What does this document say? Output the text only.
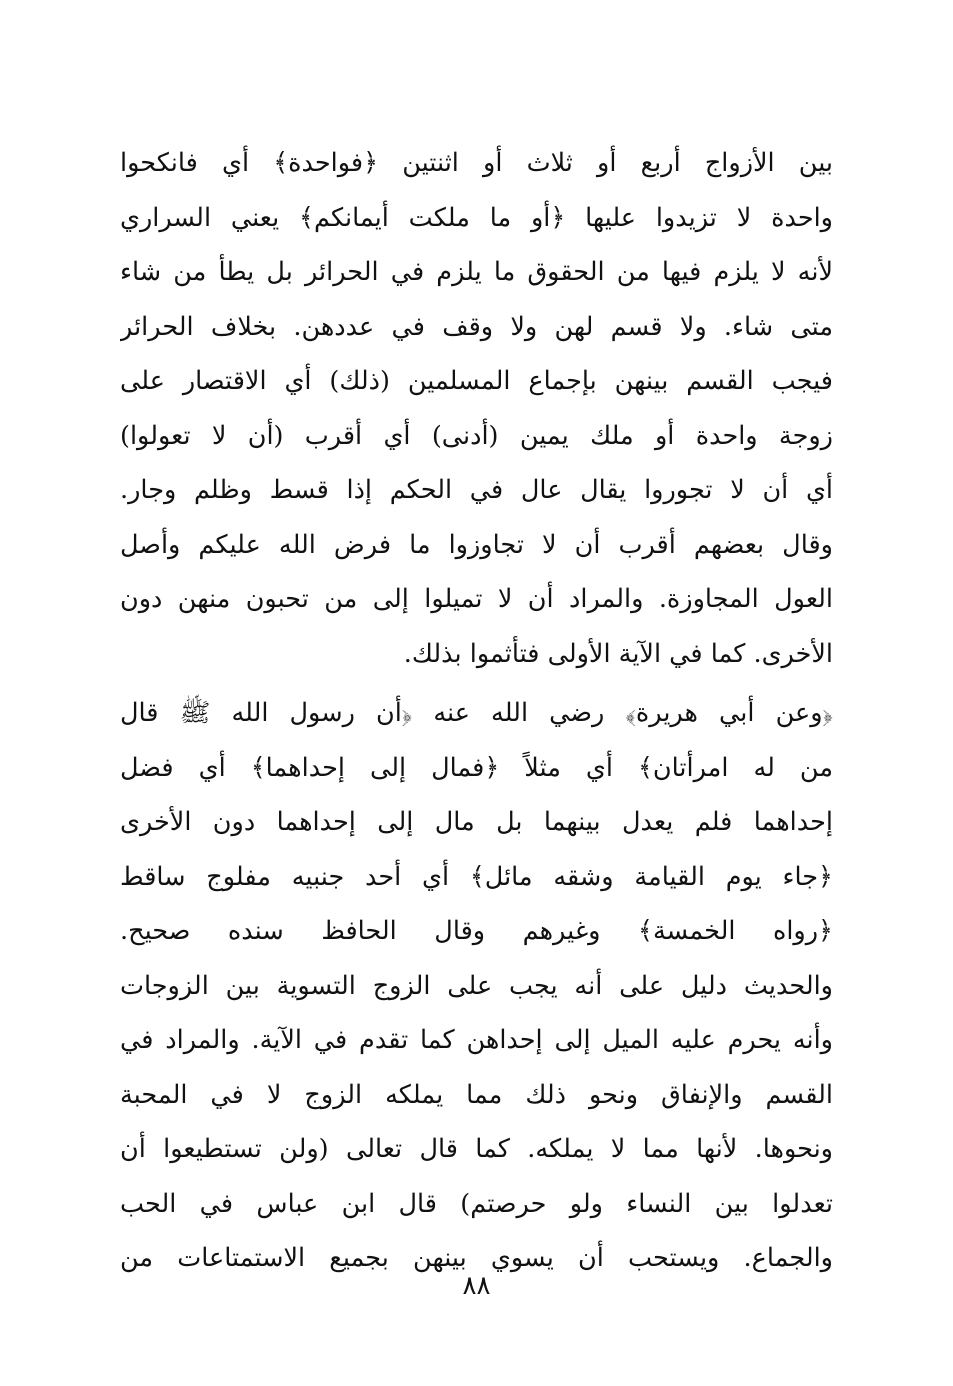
بين الأزواج أربع أو ثلاث أو اثنتين ﴿فواحدة﴾ أي فانكحوا
واحدة لا تزيدوا عليها ﴿أو ما ملكت أيمانكم﴾ يعني السراري
لأنه لا يلزم فيها من الحقوق ما يلزم في الحرائر بل يطأ من شاء
متى شاء. ولا قسم لهن ولا وقف في عددهن. بخلاف الحرائر
فيجب القسم بينهن بإجماع المسلمين (ذلك) أي الاقتصار على
زوجة واحدة أو ملك يمين (أدنى) أي أقرب (أن لا تعولوا)
أي أن لا تجوروا يقال عال في الحكم إذا قسط وظلم وجار.
وقال بعضهم أقرب أن لا تجاوزوا ما فرض الله عليكم وأصل
العول المجاوزة. والمراد أن لا تميلوا إلى من تحبون منهن دون
الأخرى. كما في الآية الأولى فتأثموا بذلك.
﴿وعن أبي هريرة﴾ رضي الله عنه ﴿أن رسول الله ﷺ قال
من له امرأتان﴾ أي مثلاً ﴿فمال إلى إحداهما﴾ أي فضل
إحداهما فلم يعدل بينهما بل مال إلى إحداهما دون الأخرى
﴿جاء يوم القيامة وشقه مائل﴾ أي أحد جنبيه مفلوج ساقط
﴿رواه الخمسة﴾ وغيرهم وقال الحافظ سنده صحيح.
والحديث دليل على أنه يجب على الزوج التسوية بين الزوجات
وأنه يحرم عليه الميل إلى إحداهن كما تقدم في الآية. والمراد في
القسم والإنفاق ونحو ذلك مما يملكه الزوج لا في المحبة
ونحوها. لأنها مما لا يملكه. كما قال تعالى (ولن تستطيعوا أن
تعدلوا بين النساء ولو حرصتم) قال ابن عباس في الحب
والجماع. ويستحب أن يسوي بينهن بجميع الاستمتاعات من
٨٨
